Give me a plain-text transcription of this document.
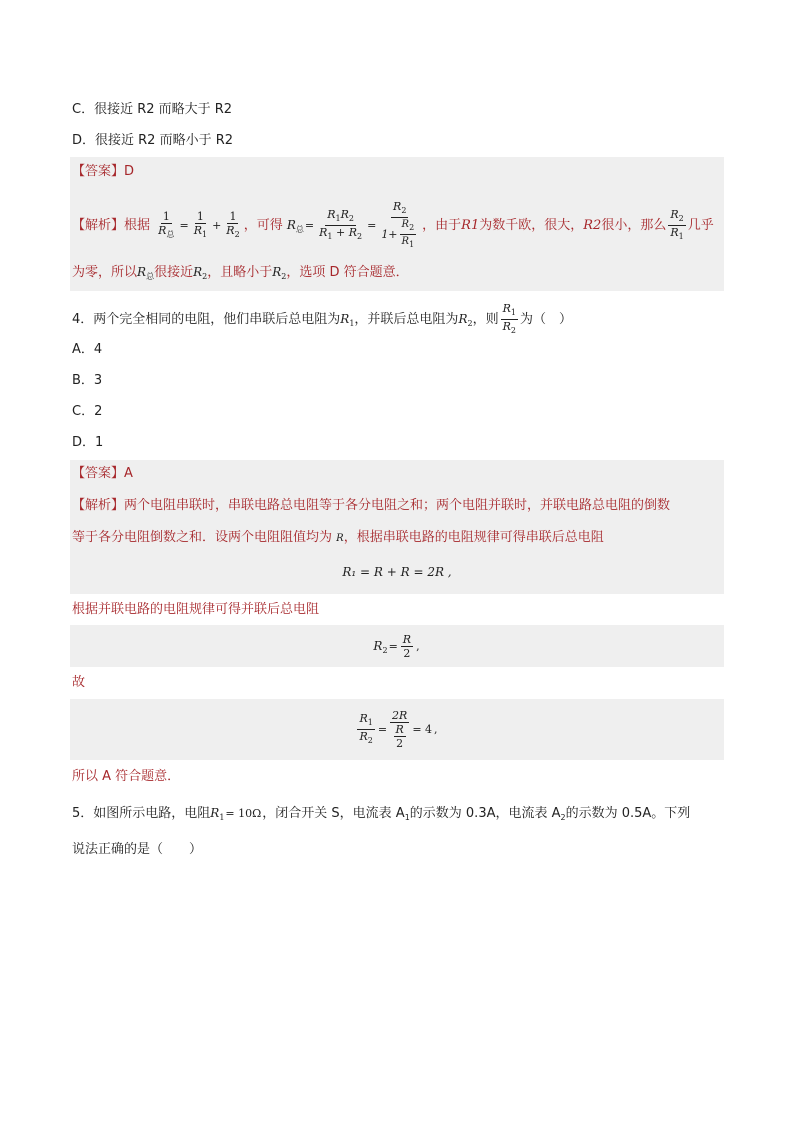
C．很接近 R2 而略大于 R2
D．很接近 R2 而略小于 R2
【答案】D
【解析】根据 $\frac{1}{R_总} = \frac{1}{R_1} + \frac{1}{R_2}$ ，可得 $R_总= \frac{R_1R_2}{R_1 + R_2} = \frac{R_2}{1+ \frac{R_2}{R_1}}$ ，由于R1为数千欧，很大，R2很小，那么 $\frac{R_2}{R_1}$ 几乎
为零，所以$R_总$很接近$R_2$，且略小于$R_2$，选项 D 符合题意．
4．两个完全相同的电阻，他们串联后总电阻为$R_1$，并联后总电阻为$R_2$，则 $\frac{R_1}{R_2}$ 为（　）
A．4
B．3
C．2
D．1
【答案】A
【解析】两个电阻串联时，串联电路总电阻等于各分电阻之和；两个电阻并联时，并联电路总电阻的倒数
等于各分电阻倒数之和．设两个电阻阻值均为 R，根据串联电路的电阻规律可得串联后总电阻
R₁ = R + R = 2R ,
根据并联电路的电阻规律可得并联后总电阻
$R_2= \frac{R}{2}$ ,
故
$\frac{R_1}{R_2} = \frac{2R}{\frac{R}{2}} = 4$ ,
所以 A 符合题意．
5．如图所示电路，电阻$R_1= 10\Omega$，闭合开关 S，电流表 $A_1$的示数为 0.3A，电流表 $A_2$的示数为 0.5A。下列
说法正确的是（　　）
